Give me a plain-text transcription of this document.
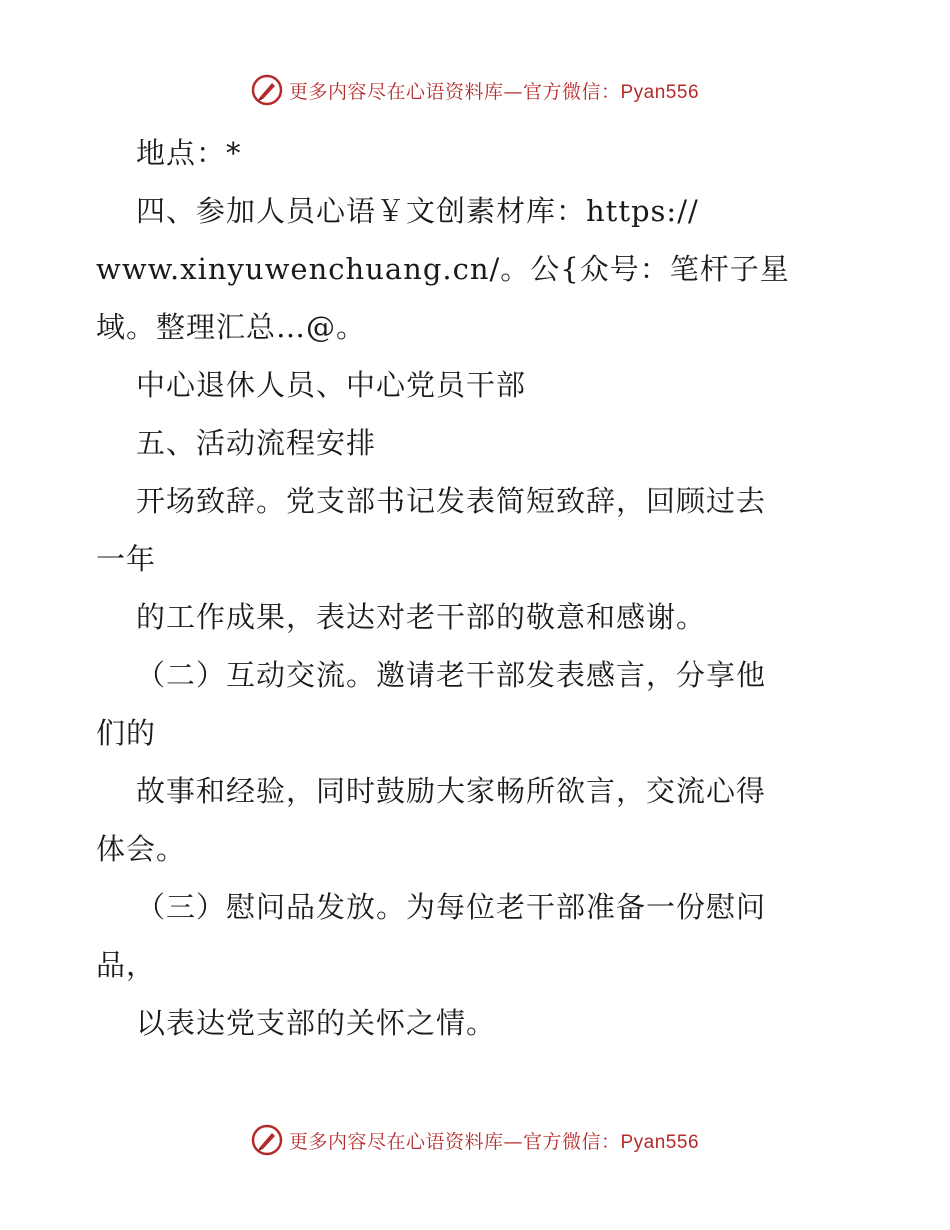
更多内容尽在心语资料库—官方微信：Pyan556
地点：*
四、参加人员心语￥文创素材库：https://
www.xinyuwenchuang.cn/。公{众号：笔杆子星
域。整理汇总…@。
中心退休人员、中心党员干部
五、活动流程安排
开场致辞。党支部书记发表简短致辞，回顾过去
一年
的工作成果，表达对老干部的敬意和感谢。
（二）互动交流。邀请老干部发表感言，分享他
们的
故事和经验，同时鼓励大家畅所欲言，交流心得
体会。
（三）慰问品发放。为每位老干部准备一份慰问
品，
以表达党支部的关怀之情。
更多内容尽在心语资料库—官方微信：Pyan556
